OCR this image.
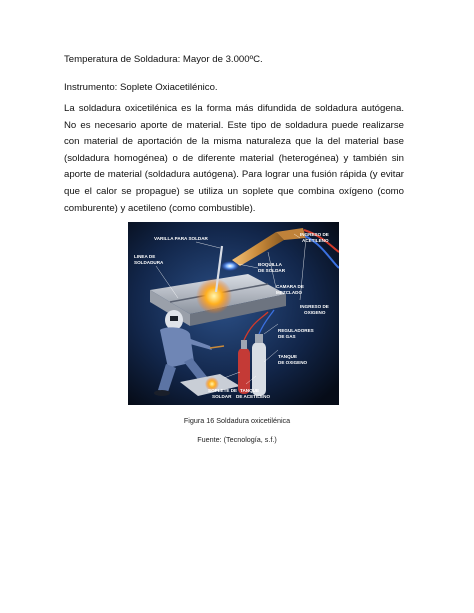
Temperatura de Soldadura: Mayor de 3.000ºC.

Instrumento: Soplete Oxiacetilénico.

La soldadura oxicetilénica es la forma más difundida de soldadura autógena. No es necesario aporte de material. Este tipo de soldadura puede realizarse con material de aportación de la misma naturaleza que la del material base (soldadura homogénea) o de diferente material (heterogénea) y también sin aporte de material (soldadura autógena). Para lograr una fusión rápida (y evitar que el calor se propague) se utiliza un soplete que combina oxígeno (como comburente) y acetileno (como combustible).

VARILLA PARA SOLDAR
LINEA DE
SOLDADURA	BOQUILLA
DE SOLDAR
INGRESO DE
ACETILENO
CAMARA DE
MEZCLADO
INGRESO DE
OXIGENO
REGULADORES
DE GAS
TANQUE
DE OXIGENO
SOPLETE DE
SOLDAR
TANQUE
DE ACETILENO

Figura 16 Soldadura oxicetilénica

Fuente: (Tecnología, s.f.)
